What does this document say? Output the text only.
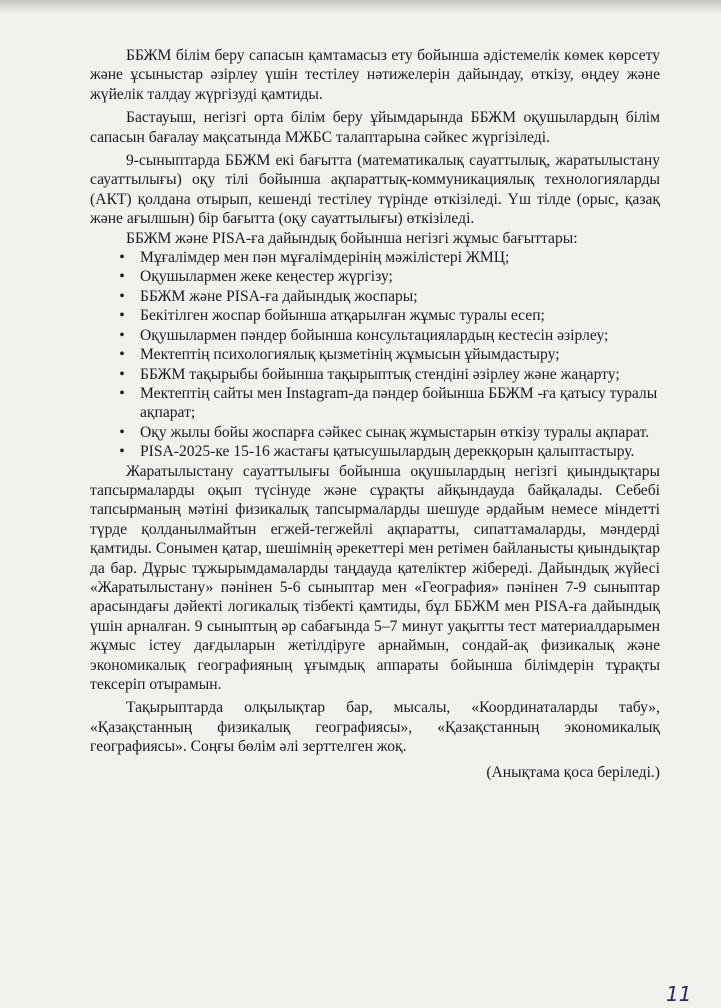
ББЖМ білім беру сапасын қамтамасыз ету бойынша әдістемелік көмек көрсету және ұсыныстар әзірлеу үшін тестілеу нәтижелерін дайындау, өткізу, өңдеу және жүйелік талдау жүргізуді қамтиды.

Бастауыш, негізгі орта білім беру ұйымдарында ББЖМ оқушылардың білім сапасын бағалау мақсатында МЖБС талаптарына сәйкес жүргізіледі.

9-сыныптарда ББЖМ екі бағытта (математикалық сауаттылық, жаратылыстану сауаттылығы) оқу тілі бойынша ақпараттық-коммуникациялық технологияларды (АКТ) қолдана отырып, кешенді тестілеу түрінде өткізіледі. Үш тілде (орыс, қазақ және ағылшын) бір бағытта (оқу сауаттылығы) өткізіледі.

ББЖМ және PISA-ға дайындық бойынша негізгі жұмыс бағыттары:

• Мұғалімдер мен пән мұғалімдерінің мәжілістері ЖМЦ;
• Оқушылармен жеке кеңестер жүргізу;
• ББЖМ және PISA-ға дайындық жоспары;
• Бекітілген жоспар бойынша атқарылған жұмыс туралы есеп;
• Оқушылармен пәндер бойынша консультациялардың кестесін әзірлеу;
• Мектептің психологиялық қызметінің жұмысын ұйымдастыру;
• ББЖМ тақырыбы бойынша тақырыптық стендіні әзірлеу және жаңарту;
• Мектептің сайты мен Instagram-да пәндер бойынша ББЖМ -ға қатысу туралы ақпарат;
• Оқу жылы бойы жоспарға сәйкес сынақ жұмыстарын өткізу туралы ақпарат.
• PISA-2025-ке 15-16 жастағы қатысушылардың дерекқорын қалыптастыру.

Жаратылыстану сауаттылығы бойынша оқушылардың негізгі қиындықтары тапсырмаларды оқып түсінуде және сұрақты айқындауда байқалады. Себебі тапсырманың мәтіні физикалық тапсырмаларды шешуде әрдайым немесе міндетті түрде қолданылмайтын егжей-тегжейлі ақпаратты, сипаттамаларды, мәндерді қамтиды. Сонымен қатар, шешімнің әрекеттері мен ретімен байланысты қиындықтар да бар. Дұрыс тұжырымдамаларды таңдауда қателіктер жібереді. Дайындық жүйесі «Жаратылыстану» пәнінен 5-6 сыныптар мен «География» пәнінен 7-9 сыныптар арасындағы дәйекті логикалық тізбекті қамтиды, бұл ББЖМ мен PISA-ға дайындық үшін арналған. 9 сыныптың әр сабағында 5–7 минут уақытты тест материалдарымен жұмыс істеу дағдыларын жетілдіруге арнаймын, сондай-ақ физикалық және экономикалық географияның ұғымдық аппараты бойынша білімдерін тұрақты тексеріп отырамын.

Тақырыптарда олқылықтар бар, мысалы, «Координаталарды табу», «Қазақстанның физикалық географиясы», «Қазақстанның экономикалық географиясы». Соңғы бөлім әлі зерттелген жоқ.

(Анықтама қоса беріледі.)

11
